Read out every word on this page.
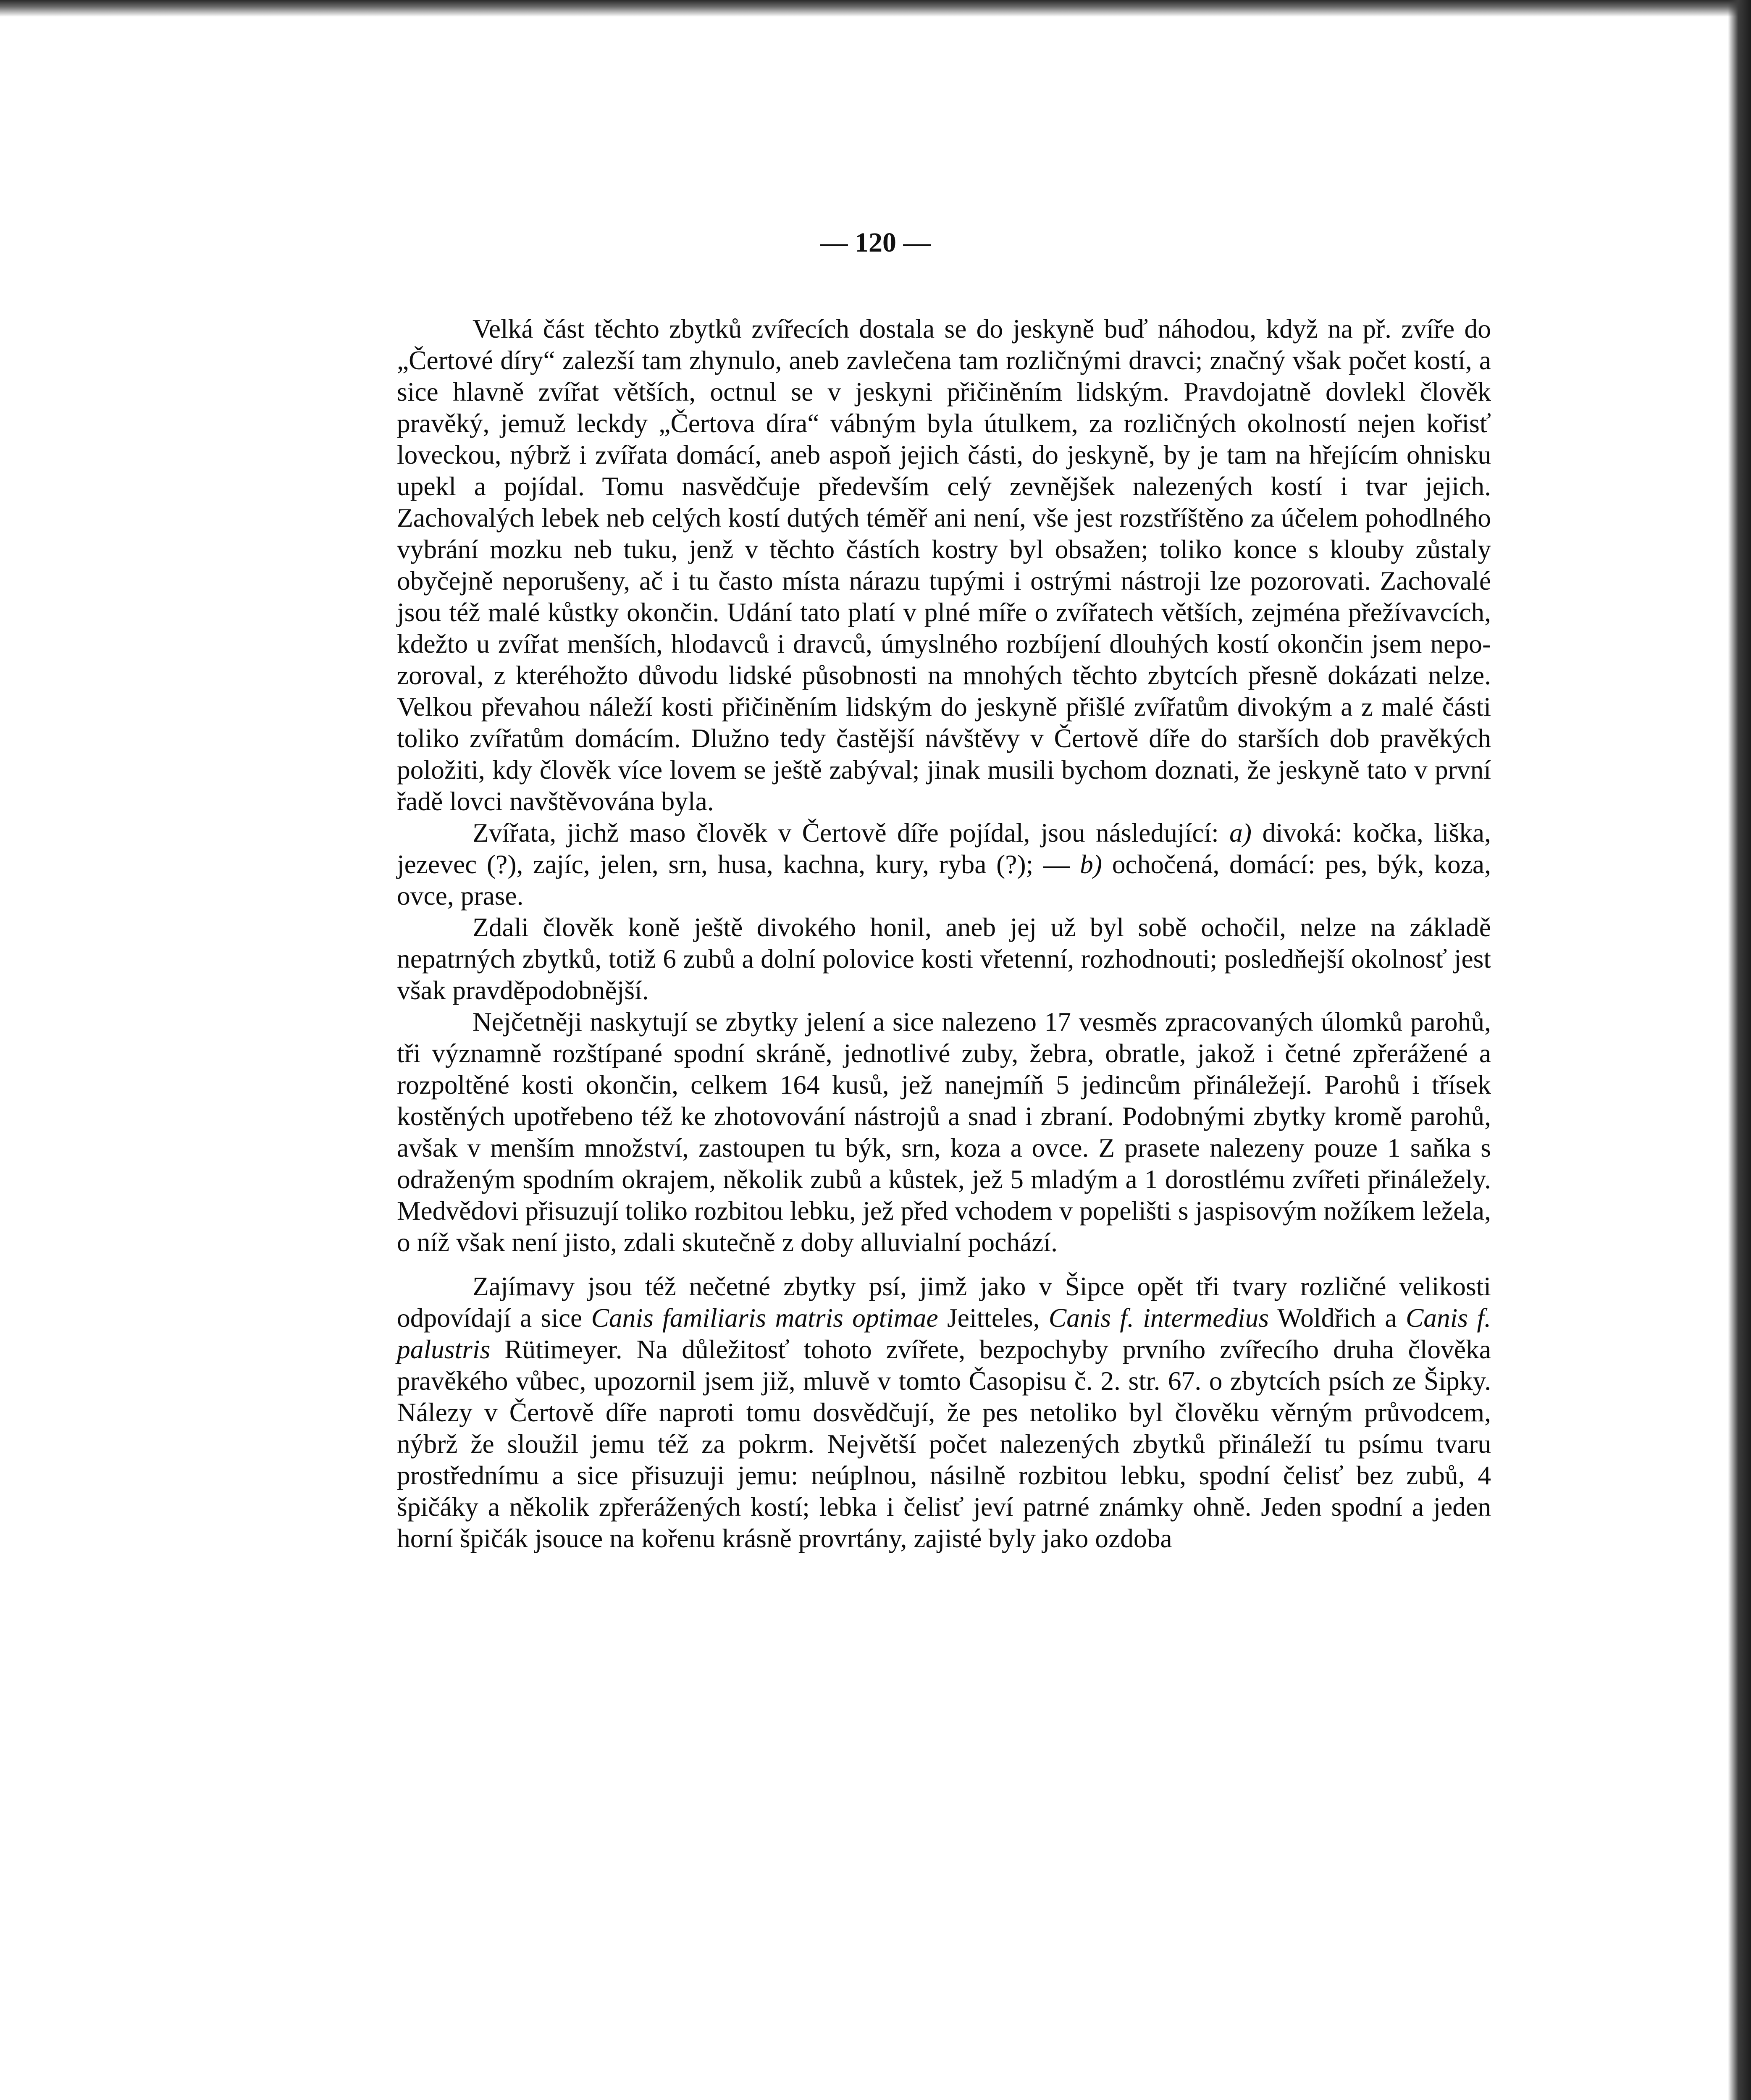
— 120 —

Velká část těchto zbytků zvířecích dostala se do jeskyně buď náhodou, když na př. zvíře do „Čertové díry“ zalezší tam zhynulo, aneb zavlečena tam rozličnými dravci; značný však počet kostí, a sice hlavně zvířat větších, octnul se v jeskyni přičiněním lidským. Pravdojatně dovlekl člověk pravěký, jemuž leckdy „Čertova díra“ vábným byla útulkem, za rozličných okolností nejen kořisť loveckou, nýbrž i zvířata domácí, aneb aspoň jejich části, do jeskyně, by je tam na hřejícím ohnisku upekl a pojídal. Tomu nasvědčuje především celý zevnějšek nalezených kostí i tvar jejich. Zachovalých lebek neb celých kostí dutých téměř ani není, vše jest rozstříštěno za účelem pohodlného vybrání mozku neb tuku, jenž v těchto částích kostry byl obsažen; toliko konce s klouby zůstaly obyčejně neporušeny, ač i tu často místa nárazu tupými i ostrými nástroji lze pozorovati. Zachovalé jsou též malé kůstky okončin. Udání tato platí v plné míře o zvířatech větších, zejména přežívavcích, kdežto u zvířat menších, hlodavců i dravců, úmyslného rozbíjení dlouhých kostí okončin jsem nepozoroval, z kteréhožto důvodu lidské působnosti na mnohých těchto zbytcích přesně dokázati nelze. Velkou převahou náleží kosti přičiněním lidským do jeskyně přišlé zvířatům divokým a z malé části toliko zvířatům domácím. Dlužno tedy častější návštěvy v Čertově díře do starších dob pravěkých položiti, kdy člověk více lovem se ještě zabýval; jinak musili bychom doznati, že jeskyně tato v první řadě lovci navštěvována byla.

Zvířata, jichž maso člověk v Čertově díře pojídal, jsou následující: a) divoká: kočka, liška, jezevec (?), zajíc, jelen, srn, husa, kachna, kury, ryba (?); — b) ochočená, domácí: pes, býk, koza, ovce, prase.

Zdali člověk koně ještě divokého honil, aneb jej už byl sobě ochočil, nelze na základě nepatrných zbytků, totiž 6 zubů a dolní polovice kosti vřetenní, rozhodnouti; posledňejší okolnosť jest však pravděpodobnější.

Nejčetněji naskytují se zbytky jelení a sice nalezeno 17 vesměs zpracovaných úlomků parohů, tři významně rozštípané spodní skráně, jednotlivé zuby, žebra, obratle, jakož i četné zpřerážené a rozpoltěné kosti okončin, celkem 164 kusů, jež nanejmíň 5 jedincům přináležejí. Parohů i třísek kostěných upotřebeno též ke zhotovování nástrojů a snad i zbraní. Podobnými zbytky kromě parohů, avšak v menším množství, zastoupen tu býk, srn, koza a ovce. Z prasete nalezeny pouze 1 saňka s odraženým spodním okrajem, několik zubů a kůstek, jež 5 mladým a 1 dorostlému zvířeti přináležely. Medvědovi přisuzují toliko rozbitou lebku, jež před vchodem v popelišti s jaspisovým nožíkem ležela, o níž však není jisto, zdali skutečně z doby alluvialní pochází.

Zajímavy jsou též nečetné zbytky psí, jimž jako v Šipce opět tři tvary rozličné velikosti odpovídají a sice Canis familiaris matris optimae Jeitteles, Canis f. intermedius Woldřich a Canis f. palustris Rütimeyer. Na důležitosť tohoto zvířete, bezpochyby prvního zvířecího druha člověka pravěkého vůbec, upozornil jsem již, mluvě v tomto Časopisu č. 2. str. 67. o zbytcích psích ze Šipky. Nálezy v Čertově díře naproti tomu dosvědčují, že pes netoliko byl člověku věrným průvodcem, nýbrž že sloužil jemu též za pokrm. Největší počet nalezených zbytků přináleží tu psímu tvaru prostřednímu a sice přisuzuji jemu: neúplnou, násilně rozbitou lebku, spodní čelisť bez zubů, 4 špičáky a několik zpřerážených kostí; lebka i čelisť jeví patrné známky ohně. Jeden spodní a jeden horní špičák jsouce na kořenu krásně provrtány, zajisté byly jako ozdoba
